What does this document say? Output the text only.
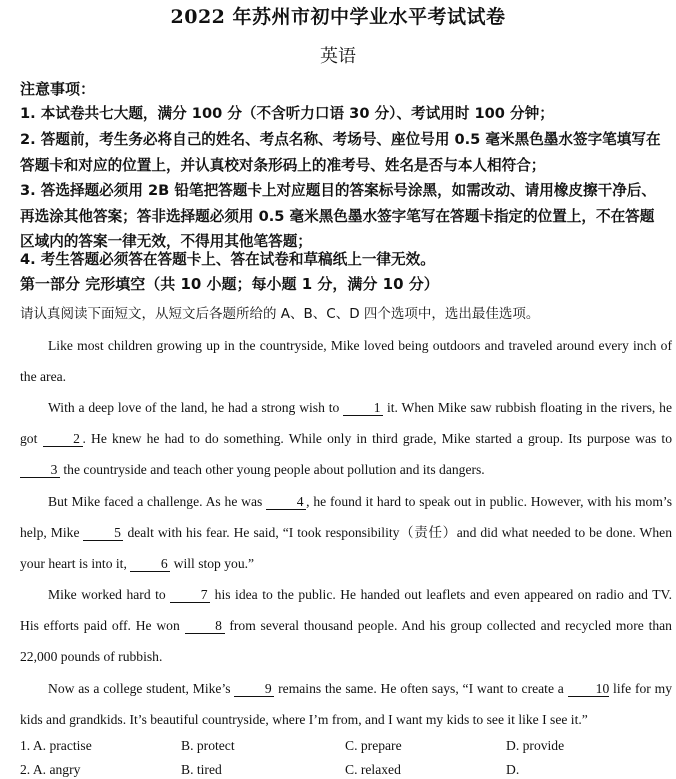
2022 年苏州市初中学业水平考试试卷
英语
注意事项：
1. 本试卷共七大题，满分 100 分（不含听力口语 30 分）、考试用时 100 分钟；
2. 答题前，考生务必将自己的姓名、考点名称、考场号、座位号用 0.5 毫米黑色墨水签字笔填写在答题卡和对应的位置上，并认真校对条形码上的准考号、姓名是否与本人相符合；
3. 答选择题必须用 2B 铅笔把答题卡上对应题目的答案标号涂黑，如需改动、请用橡皮擦干净后、再选涂其他答案；答非选择题必须用 0.5 毫米黑色墨水签字笔写在答题卡指定的位置上，不在答题区域内的答案一律无效，不得用其他笔答题；
4. 考生答题必须答在答题卡上、答在试卷和草稿纸上一律无效。
第一部分 完形填空（共 10 小题；每小题 1 分，满分 10 分）
请认真阅读下面短文，从短文后各题所给的 A、B、C、D 四个选项中，选出最佳选项。
Like most children growing up in the countryside, Mike loved being outdoors and traveled around every inch of the area.
With a deep love of the land, he had a strong wish to 1 it. When Mike saw rubbish floating in the rivers, he got 2 . He knew he had to do something. While only in third grade, Mike started a group. Its purpose was to 3 the countryside and teach other young people about pollution and its dangers.
But Mike faced a challenge. As he was 4 , he found it hard to speak out in public. However, with his mom’s help, Mike 5 dealt with his fear. He said, “I took responsibility（责任）and did what needed to be done. When your heart is into it, 6 will stop you.”
Mike worked hard to 7 his idea to the public. He handed out leaflets and even appeared on radio and TV. His efforts paid off. He won 8 from several thousand people. And his group collected and recycled more than 22,000 pounds of rubbish.
Now as a college student, Mike’s 9 remains the same. He often says, “I want to create a 10 life for my kids and grandkids. It’s beautiful countryside, where I’m from, and I want my kids to see it like I see it.”
1. A. practise	B. protect	C. prepare	D. provide
2. A. angry	B. tired	C. relaxed	D.
